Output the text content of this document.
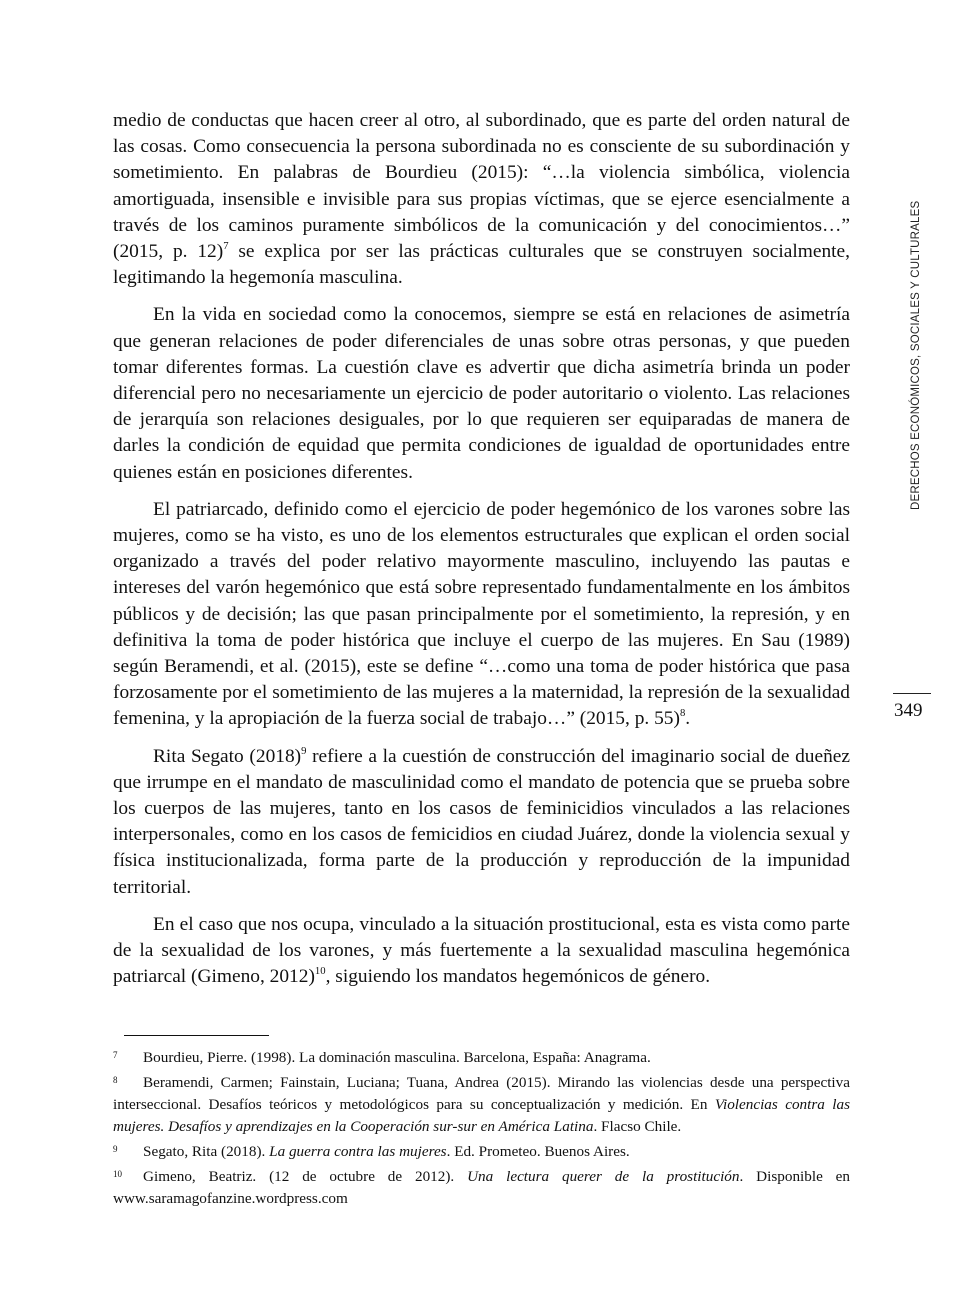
medio de conductas que hacen creer al otro, al subordinado, que es parte del orden natural de las cosas. Como consecuencia la persona subordinada no es consciente de su subordinación y sometimiento. En palabras de Bourdieu (2015): “…la violencia simbólica, violencia amortiguada, insensible e invisible para sus propias víctimas, que se ejerce esencialmente a través de los caminos puramente simbólicos de la comunicación y del conocimientos…” (2015, p. 12)$^7$ se explica por ser las prácticas culturales que se construyen socialmente, legitimando la hegemonía masculina.

En la vida en sociedad como la conocemos, siempre se está en relaciones de asimetría que generan relaciones de poder diferenciales de unas sobre otras personas, y que pueden tomar diferentes formas. La cuestión clave es advertir que dicha asimetría brinda un poder diferencial pero no necesariamente un ejercicio de poder autoritario o violento. Las relaciones de jerarquía son relaciones desiguales, por lo que requieren ser equiparadas de manera de darles la condición de equidad que permita condiciones de igualdad de oportunidades entre quienes están en posiciones diferentes.

El patriarcado, definido como el ejercicio de poder hegemónico de los varones sobre las mujeres, como se ha visto, es uno de los elementos estructurales que explican el orden social organizado a través del poder relativo mayormente masculino, incluyendo las pautas e intereses del varón hegemónico que está sobre representado fundamentalmente en los ámbitos públicos y de decisión; las que pasan principalmente por el sometimiento, la represión, y en definitiva la toma de poder histórica que incluye el cuerpo de las mujeres. En Sau (1989) según Beramendi, et al. (2015), este se define “…como una toma de poder histórica que pasa forzosamente por el sometimiento de las mujeres a la maternidad, la represión de la sexualidad femenina, y la apropiación de la fuerza social de trabajo…” (2015, p. 55)$^8$.

Rita Segato $(2018)^9$ refiere a la cuestión de construcción del imaginario social de dueñez que irrumpe en el mandato de masculinidad como el mandato de potencia que se prueba sobre los cuerpos de las mujeres, tanto en los casos de feminicidios vinculados a las relaciones interpersonales, como en los casos de femicidios en ciudad Juárez, donde la violencia sexual y física institucionalizada, forma parte de la producción y reproducción de la impunidad territorial.

En el caso que nos ocupa, vinculado a la situación prostitucional, esta es vista como parte de la sexualidad de los varones, y más fuertemente a la sexualidad masculina hegemónica patriarcal (Gimeno, 2012)$^{10}$, siguiendo los mandatos hegemónicos de género.

DERECHOS ECONÓMICOS, SOCIALES Y CULTURALES
349

7 Bourdieu, Pierre. (1998). La dominación masculina. Barcelona, España: Anagrama.

8 Beramendi, Carmen; Fainstain, Luciana; Tuana, Andrea (2015). Mirando las violencias desde una perspectiva interseccional. Desafíos teóricos y metodológicos para su conceptualización y medición. En Violencias contra las mujeres. Desafíos y aprendizajes en la Cooperación sur-sur en América Latina. Flacso Chile.

9 Segato, Rita (2018). La guerra contra las mujeres. Ed. Prometeo. Buenos Aires.

10 Gimeno, Beatriz. (12 de octubre de 2012). Una lectura querer de la prostitución. Disponible en www.saramagofanzine.wordpress.com
